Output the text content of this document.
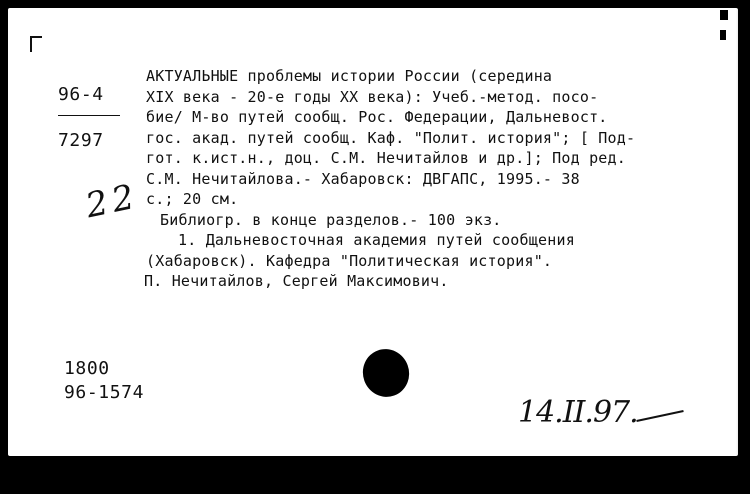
96-4
7297
2 2
АКТУАЛЬНЫЕ проблемы истории России (середина
XIX века - 20-е годы XX века): Учеб.-метод. посо-
бие/ М-во путей сообщ. Рос. Федерации, Дальневост.
гос. акад. путей сообщ. Каф. "Полит. история"; [ Под-
гот. к.ист.н., доц. С.М. Нечитайлов и др.]; Под ред.
С.М. Нечитайлова.- Хабаровск: ДВГАПС, 1995.- 38
с.; 20 см.
Библиогр. в конце разделов.- 100 экз.
1. Дальневосточная академия путей сообщения
(Хабаровск). Кафедра "Политическая история".
П. Нечитайлов, Сергей Максимович.
1800
96-1574
14.II.97.
